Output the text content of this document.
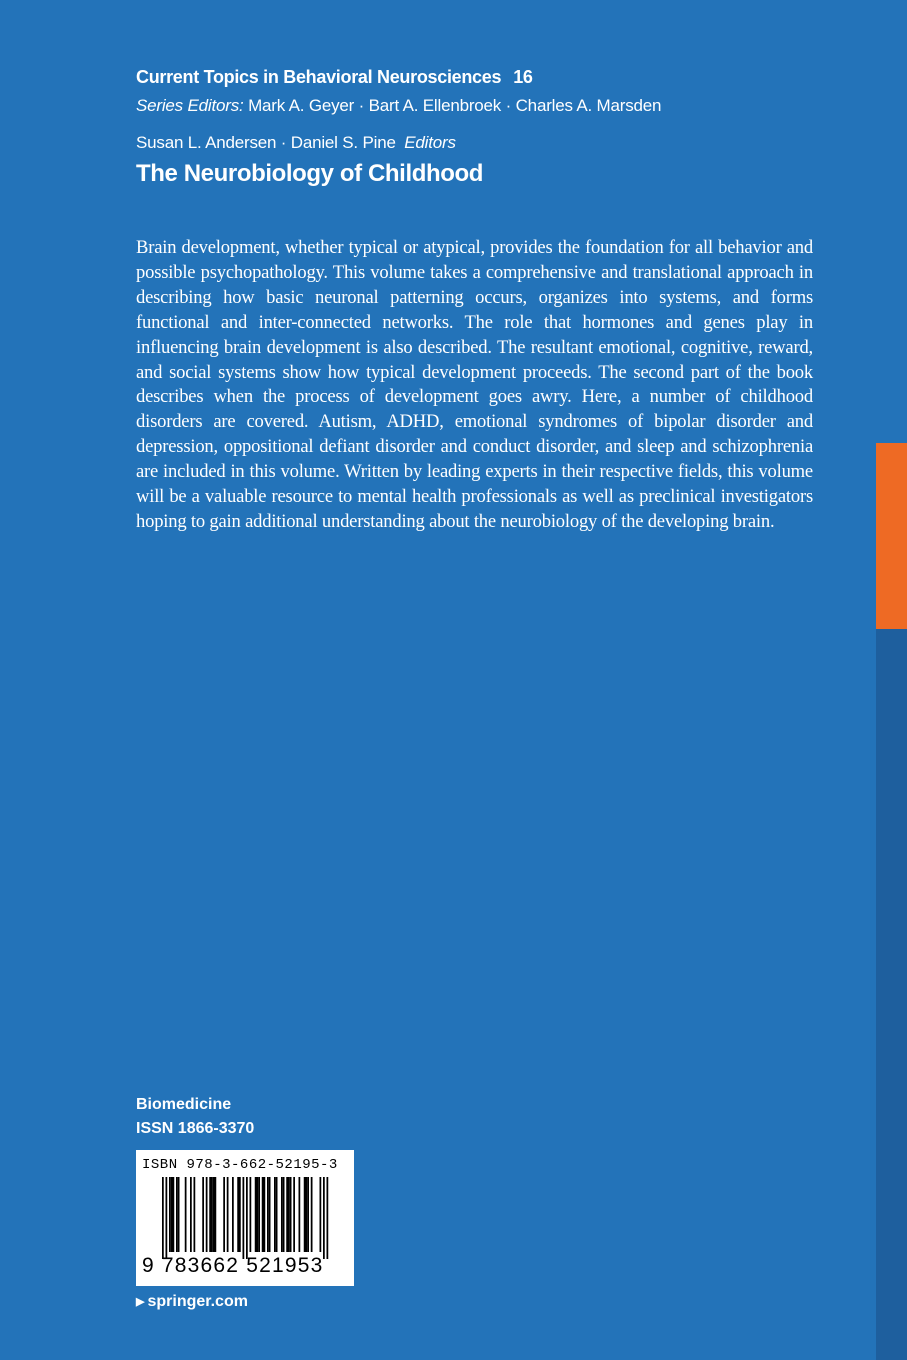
Current Topics in Behavioral Neurosciences 16
Series Editors: Mark A. Geyer · Bart A. Ellenbroek · Charles A. Marsden
Susan L. Andersen · Daniel S. Pine Editors
The Neurobiology of Childhood
Brain development, whether typical or atypical, provides the foundation for all behavior and possible psychopathology. This volume takes a comprehensive and translational approach in describing how basic neuronal patterning occurs, organizes into systems, and forms functional and inter-connected networks. The role that hormones and genes play in influencing brain development is also described. The resultant emotional, cognitive, reward, and social systems show how typical development proceeds. The second part of the book describes when the process of development goes awry. Here, a number of childhood disorders are covered. Autism, ADHD, emotional syndromes of bipolar disorder and depression, oppositional defiant disorder and conduct disorder, and sleep and schizophrenia are included in this volume. Written by leading experts in their respective fields, this volume will be a valuable resource to mental health professionals as well as preclinical investigators hoping to gain additional understanding about the neurobiology of the developing brain.
Biomedicine
ISSN 1866-3370
ISBN 978-3-662-52195-3
9 783662 521953
▶ springer.com
